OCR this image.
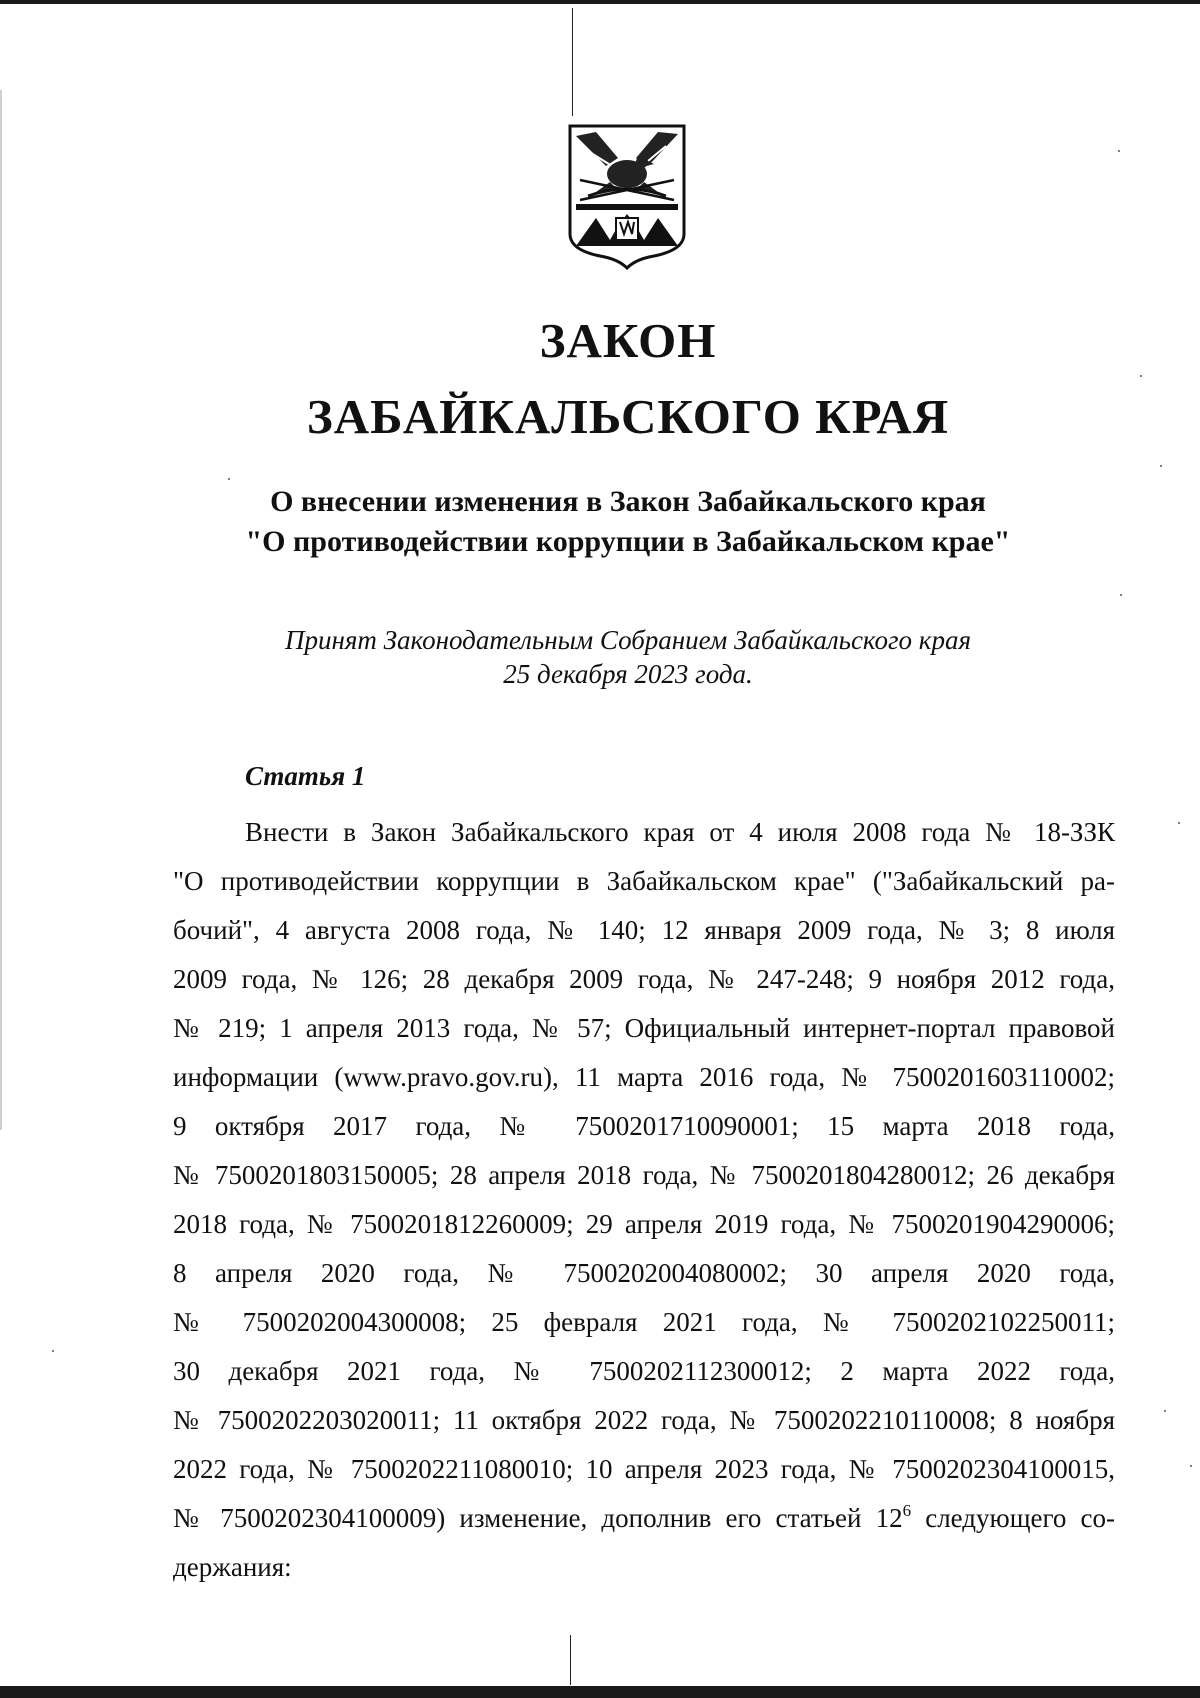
ЗАКОН
ЗАБАЙКАЛЬСКОГО КРАЯ
О внесении изменения в Закон Забайкальского края
"О противодействии коррупции в Забайкальском крае"
Принят Законодательным Собранием Забайкальского края
25 декабря 2023 года.
Статья 1
Внести в Закон Забайкальского края от 4 июля 2008 года № 18-ЗЗК
"О противодействии коррупции в Забайкальском крае" ("Забайкальский ра-
бочий", 4 августа 2008 года, № 140; 12 января 2009 года, № 3; 8 июля
2009 года, № 126; 28 декабря 2009 года, № 247-248; 9 ноября 2012 года,
№ 219; 1 апреля 2013 года, № 57; Официальный интернет-портал правовой
информации (www.pravo.gov.ru), 11 марта 2016 года, № 7500201603110002;
9 октября 2017 года, № 7500201710090001; 15 марта 2018 года,
№ 7500201803150005; 28 апреля 2018 года, № 7500201804280012; 26 декабря
2018 года, № 7500201812260009; 29 апреля 2019 года, № 7500201904290006;
8 апреля 2020 года, № 7500202004080002; 30 апреля 2020 года,
№ 7500202004300008; 25 февраля 2021 года, № 7500202102250011;
30 декабря 2021 года, № 7500202112300012; 2 марта 2022 года,
№ 7500202203020011; 11 октября 2022 года, № 7500202210110008; 8 ноября
2022 года, № 7500202211080010; 10 апреля 2023 года, № 7500202304100015,
№ 7500202304100009) изменение, дополнив его статьей $12^6$ следующего со-
держания:
